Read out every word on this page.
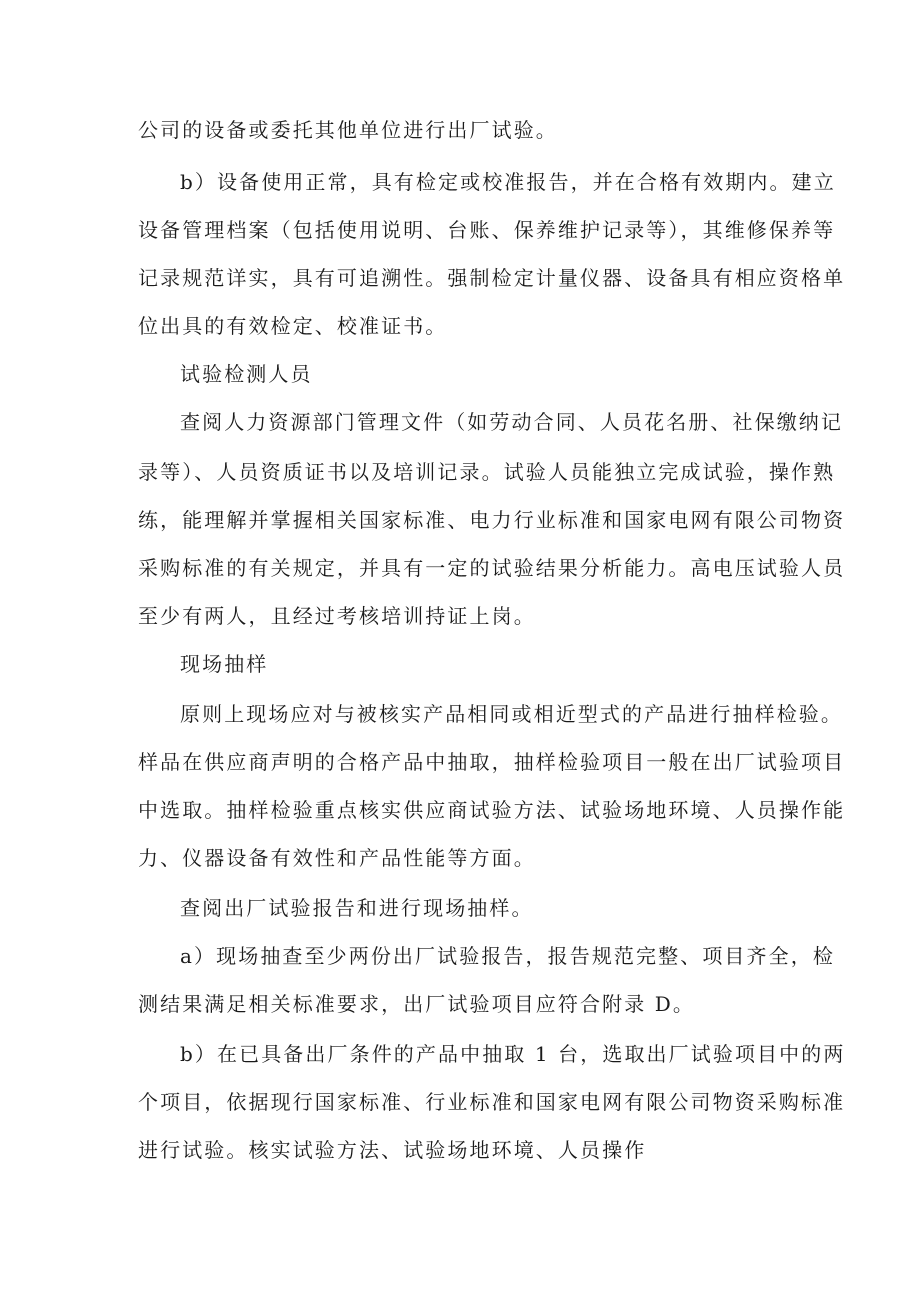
公司的设备或委托其他单位进行出厂试验。
b）设备使用正常，具有检定或校准报告，并在合格有效期内。建立
设备管理档案（包括使用说明、台账、保养维护记录等），其维修保养等
记录规范详实，具有可追溯性。强制检定计量仪器、设备具有相应资格单
位出具的有效检定、校准证书。
试验检测人员
查阅人力资源部门管理文件（如劳动合同、人员花名册、社保缴纳记
录等）、人员资质证书以及培训记录。试验人员能独立完成试验，操作熟
练，能理解并掌握相关国家标准、电力行业标准和国家电网有限公司物资
采购标准的有关规定，并具有一定的试验结果分析能力。高电压试验人员
至少有两人，且经过考核培训持证上岗。
现场抽样
原则上现场应对与被核实产品相同或相近型式的产品进行抽样检验。
样品在供应商声明的合格产品中抽取，抽样检验项目一般在出厂试验项目
中选取。抽样检验重点核实供应商试验方法、试验场地环境、人员操作能
力、仪器设备有效性和产品性能等方面。
查阅出厂试验报告和进行现场抽样。
a）现场抽查至少两份出厂试验报告，报告规范完整、项目齐全，检
测结果满足相关标准要求，出厂试验项目应符合附录 D。
b）在已具备出厂条件的产品中抽取 1 台，选取出厂试验项目中的两
个项目，依据现行国家标准、行业标准和国家电网有限公司物资采购标准
进行试验。核实试验方法、试验场地环境、人员操作
